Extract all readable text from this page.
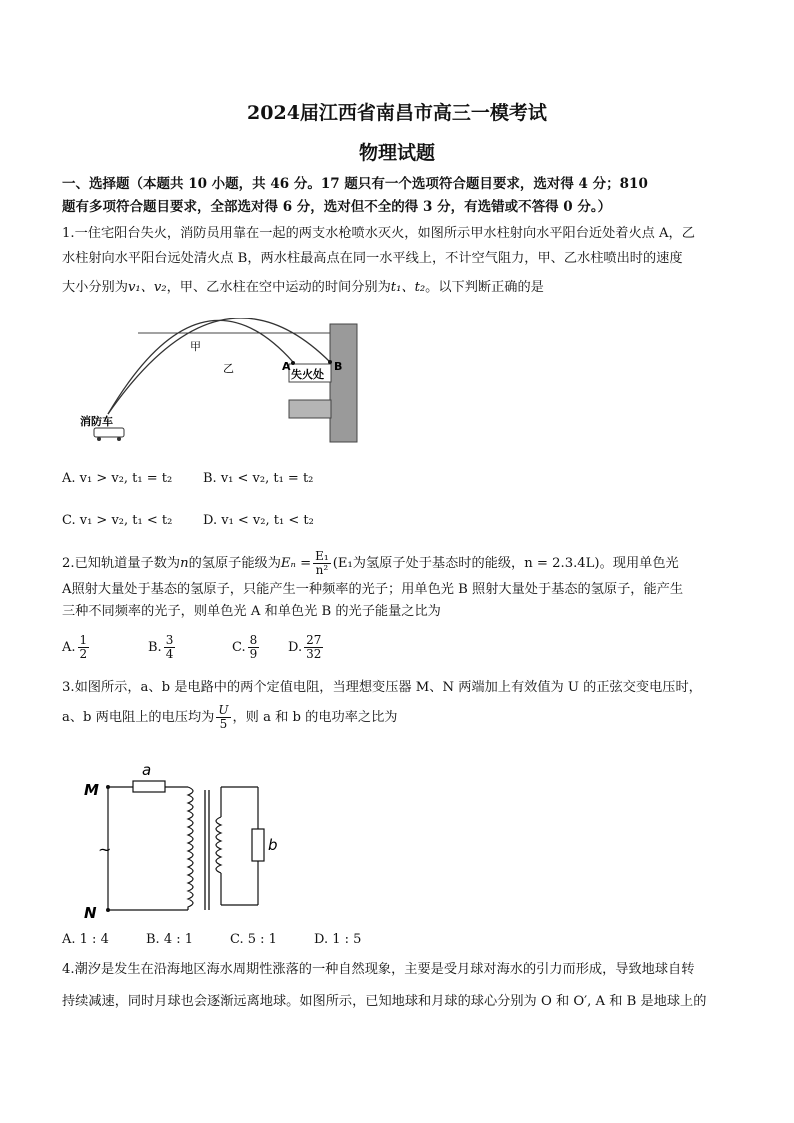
2024届江西省南昌市高三一模考试
物理试题
一、选择题（本题共 10 小题，共 46 分。17 题只有一个选项符合题目要求，选对得 4 分；810
题有多项符合题目要求，全部选对得 6 分，选对但不全的得 3 分，有选错或不答得 0 分。）
1.一住宅阳台失火，消防员用靠在一起的两支水枪喷水灭火，如图所示甲水柱射向水平阳台近处着火点 A，乙
水柱射向水平阳台远处清火点 B，两水柱最高点在同一水平线上，不计空气阻力，甲、乙水柱喷出时的速度
大小分别为v₁、v₂，甲、乙水柱在空中运动的时间分别为t₁、t₂。以下判断正确的是
甲
乙	A	B
失火处
消防车
A. v₁ > v₂, t₁ = t₂ B. v₁ < v₂, t₁ = t₂
C. v₁ > v₂, t₁ < t₂ D. v₁ < v₂, t₁ < t₂
2.已知轨道量子数为n的氢原子能级为$E_n = \frac{\text{E₁}}{\text{n²}} (E_1$为氢原子处于基态时的能级，n = 2.3.4L)。现用单色光
A照射大量处于基态的氢原子，只能产生一种频率的光子；用单色光 B 照射大量处于基态的氢原子，能产生
三种不同频率的光子，则单色光 A 和单色光 B 的光子能量之比为
A. $\frac{1}{2}$	B. $\frac{3}{4}$	C. $\frac{8}{9} D$. $\frac{27}{32}$
3.如图所示，a、b 是电路中的两个定值电阻，当理想变压器 M、N 两端加上有效值为 U 的正弦交变电压时，
a、b 两电阻上的电压均为 $\frac{U}{5}$ ，则 a 和 b 的电功率之比为
a
b
M
N
~
A. 1 : 4	B. 4 : 1	C. 5 : 1	D. 1 : 5
4.潮汐是发生在沿海地区海水周期性涨落的一种自然现象，主要是受月球对海水的引力而形成，导致地球自转
持续减速，同时月球也会逐渐远离地球。如图所示，已知地球和月球的球心分别为 O 和 O′, A 和 B 是地球上的
